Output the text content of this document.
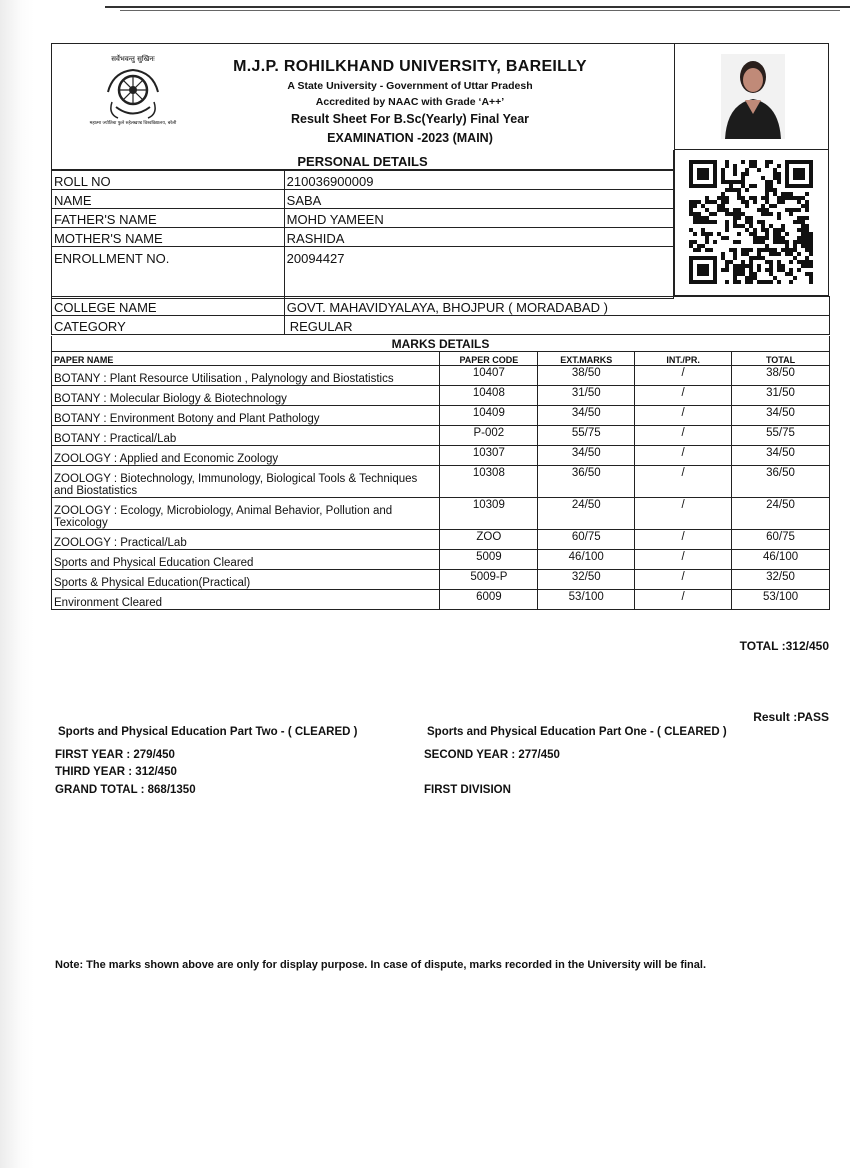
सर्वेभवन्तु सुखिनः
महात्मा ज्योतिबा फुले रुहेलखण्ड विश्वविद्यालय, बरेली
M.J.P. ROHILKHAND UNIVERSITY, BAREILLY
A State University - Government of Uttar Pradesh
Accredited by NAAC with Grade ‘A++’
Result Sheet For B.Sc(Yearly) Final Year
EXAMINATION -2023 (MAIN)
PERSONAL DETAILS
ROLL NO	210036900009
NAME	SABA
FATHER'S NAME	MOHD YAMEEN
MOTHER'S NAME	RASHIDA
ENROLLMENT NO.	20094427
COLLEGE NAME	GOVT. MAHAVIDYALAYA, BHOJPUR ( MORADABAD )
CATEGORY	REGULAR
MARKS DETAILS
PAPER NAME	PAPER CODE	EXT.MARKS	INT./PR.	TOTAL
BOTANY : Plant Resource Utilisation , Palynology and Biostatistics	10407	38/50	/	38/50
BOTANY : Molecular Biology & Biotechnology	10408	31/50	/	31/50
BOTANY : Environment Botony and Plant Pathology	10409	34/50	/	34/50
BOTANY : Practical/Lab	P-002	55/75	/	55/75
ZOOLOGY : Applied and Economic Zoology	10307	34/50	/	34/50
ZOOLOGY : Biotechnology, Immunology, Biological Tools & Techniques and Biostatistics	10308	36/50	/	36/50
ZOOLOGY : Ecology, Microbiology, Animal Behavior, Pollution and Texicology	10309	24/50	/	24/50
ZOOLOGY : Practical/Lab	ZOO	60/75	/	60/75
Sports and Physical Education Cleared	5009	46/100	/	46/100
Sports & Physical Education(Practical)	5009-P	32/50	/	32/50
Environment Cleared	6009	53/100	/	53/100
TOTAL :312/450
Result :PASS
Sports and Physical Education Part Two - ( CLEARED )	Sports and Physical Education Part One - ( CLEARED )
FIRST YEAR : 279/450	SECOND YEAR : 277/450
THIRD YEAR : 312/450
GRAND TOTAL : 868/1350	FIRST DIVISION
Note: The marks shown above are only for display purpose. In case of dispute, marks recorded in the University will be final.
